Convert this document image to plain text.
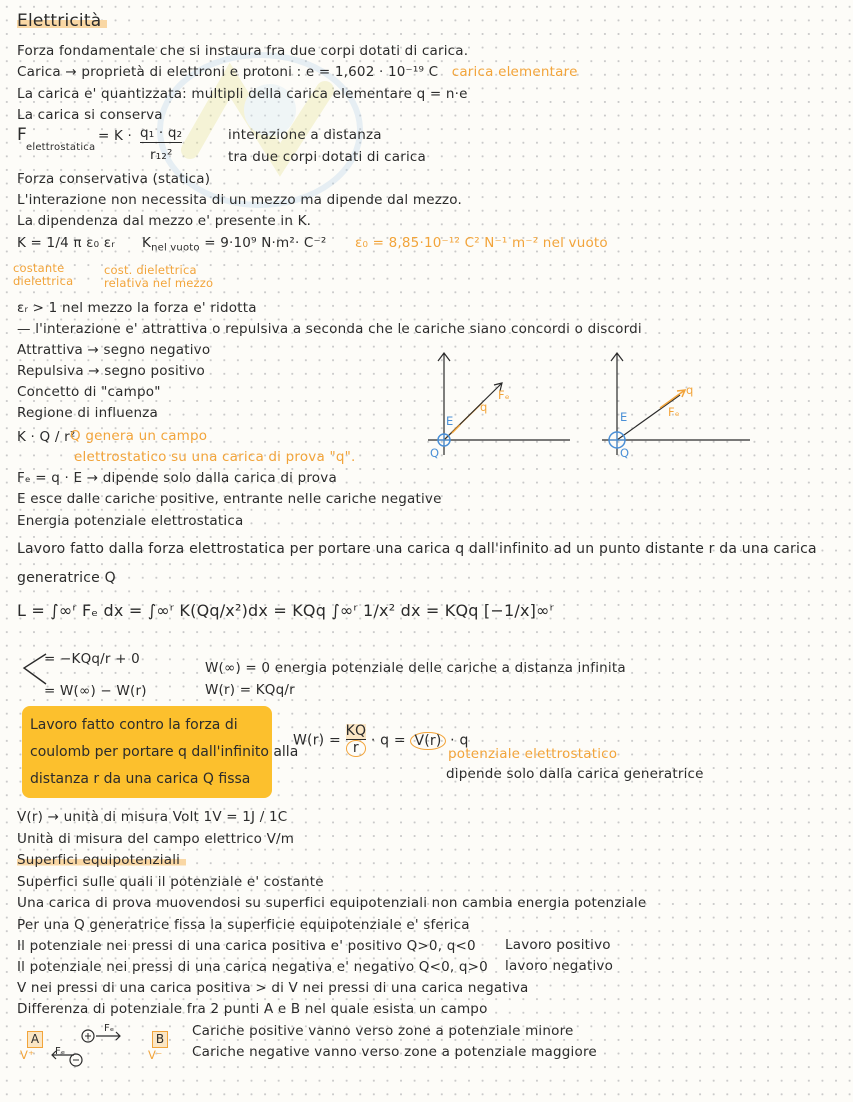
Elettricità
Forza fondamentale che si instaura fra due corpi dotati di carica.
Carica → proprietà di elettroni e protoni : e = 1,602 · 10⁻¹⁹ C carica elementare
La carica e' quantizzata: multipli della carica elementare q = n·e
La carica si conserva
F
elettrostatica
= K · q₁ · q₂
r₁₂²
interazione a distanza
tra due corpi dotati di carica
Forza conservativa (statica)
L'interazione non necessita di un mezzo ma dipende dal mezzo.
La dipendenza dal mezzo e' presente in K.
K = 1/4 π ε₀ εᵣ $K_{nel vuoto} = 9\cdot 10^9$ N·m²· C⁻² ε₀ = 8,85·10⁻¹² C² N⁻¹ m⁻² nel vuoto
costante
dielettrica
cost. dielettrica
relativa nel mezzo
εᵣ > 1 nel mezzo la forza e' ridotta
— l'interazione e' attrattiva o repulsiva a seconda che le cariche siano concordi o discordi
Attrattiva → segno negativo
Repulsiva → segno positivo
Concetto di "campo"
Regione di influenza
K · Q / r²
Q genera un campo
elettrostatico su una carica di prova "q".
Fₑ = q · E → dipende solo dalla carica di prova
E esce dalle cariche positive, entrante nelle cariche negative
Energia potenziale elettrostatica
Lavoro fatto dalla forza elettrostatica per portare una carica q dall'infinito ad un punto distante r da una carica
generatrice Q
L = ∫∞ʳ Fₑ dx = ∫∞ʳ K(Qq/x²)dx = KQq ∫∞ʳ 1/x² dx = KQq [−1/x]∞ʳ
= −KQq/r + 0
= W(∞) − W(r)
W(∞) = 0 energia potenziale delle cariche a distanza infinita
W(r) = KQq/r
Lavoro fatto contro la forza di
coulomb per portare q dall'infinito alla
distanza r da una carica Q fissa
$W(r) = \frac{KQ}{r} \cdot q = V(r) \cdot q$
potenziale elettrostatico
dipende solo dalla carica generatrice
V(r) → unità di misura Volt 1V = 1J / 1C
Unità di misura del campo elettrico V/m
Superfici equipotenziali
Superfici sulle quali il potenziale e' costante
Una carica di prova muovendosi su superfici equipotenziali non cambia energia potenziale
Per una Q generatrice fissa la superficie equipotenziale e' sferica
Il potenziale nei pressi di una carica positiva e' positivo Q>0, q<0 Lavoro positivo
Il potenziale nei pressi di una carica negativa e' negativo Q<0, q>0 lavoro negativo
V nei pressi di una carica positiva > di V nei pressi di una carica negativa
Differenza di potenziale fra 2 punti A e B nel quale esista un campo
A
V⁺
B
V⁻
Fₑ
Fₑ
Cariche positive vanno verso zone a potenziale minore
Cariche negative vanno verso zone a potenziale maggiore
Q
q
E
Fₑ
Q
q
E	Fₑ
